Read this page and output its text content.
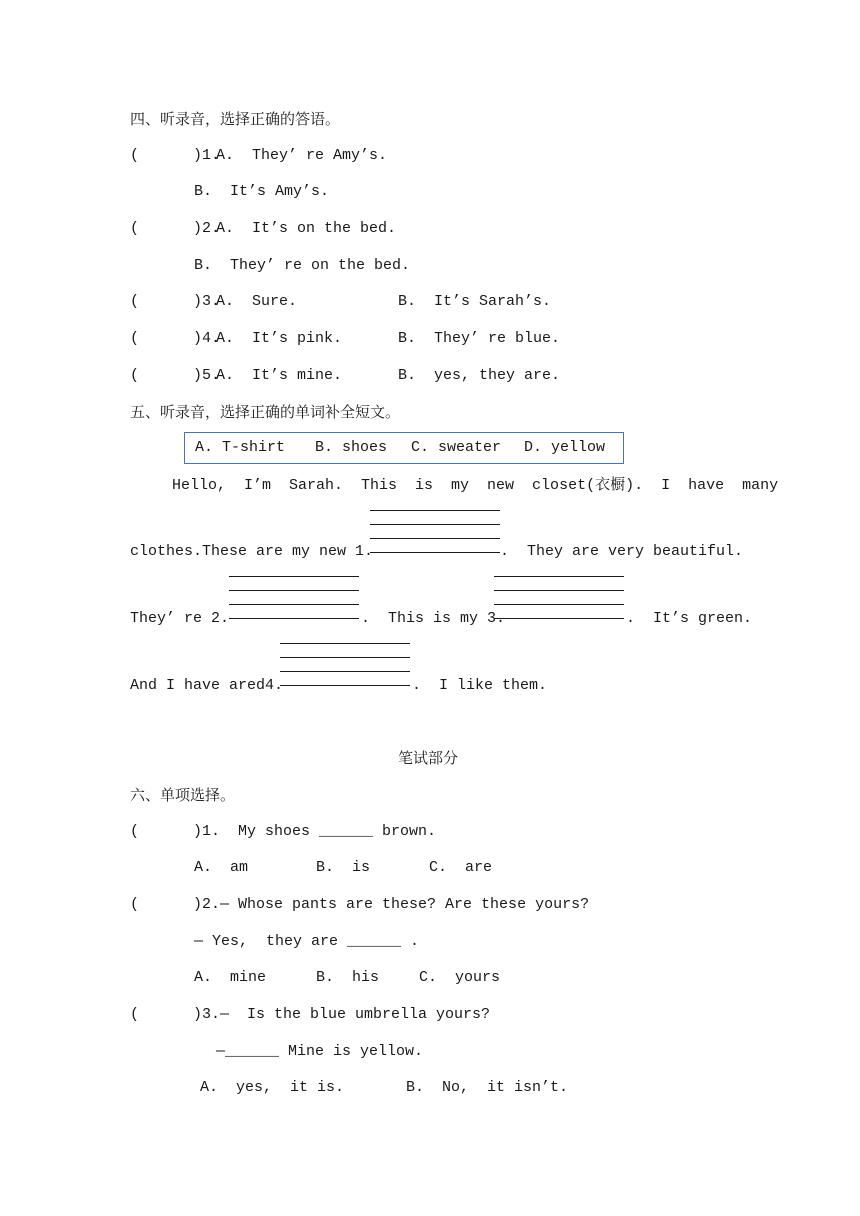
四、听录音，选择正确的答语。
(      )1.
A.  They’ re Amy’s.
B.  It’s Amy’s.
(      )2.
A.  It’s on the bed.
B.  They’ re on the bed.
(      )3.
A.  Sure.	B.  It’s Sarah’s.
(      )4.
A.  It’s pink.	B.  They’ re blue.
(      )5.
A.  It’s mine.	B.  yes, they are.
五、听录音，选择正确的单词补全短文。
A. T-shirt B. shoes C. sweater D. yellow
Hello,  I’m  Sarah.  This  is  my  new  closet(衣橱).  I  have  many
clothes.These are my new 1.	.  They are very beautiful.
They’ re 2.	.  This is my 3.	.  It’s green.
And I have ared4.	.  I like them.
笔试部分
六、单项选择。
(      )1.  My shoes ______ brown.
A.  am	B.  is	C.  are
(      )2.— Whose pants are these? Are these yours?
— Yes,  they are ______ .
A.  mine	B.  his	C.  yours
(      )3.—  Is the blue umbrella yours?
—______ Mine is yellow.
A.  yes,  it is.	B.  No,  it isn’t.
